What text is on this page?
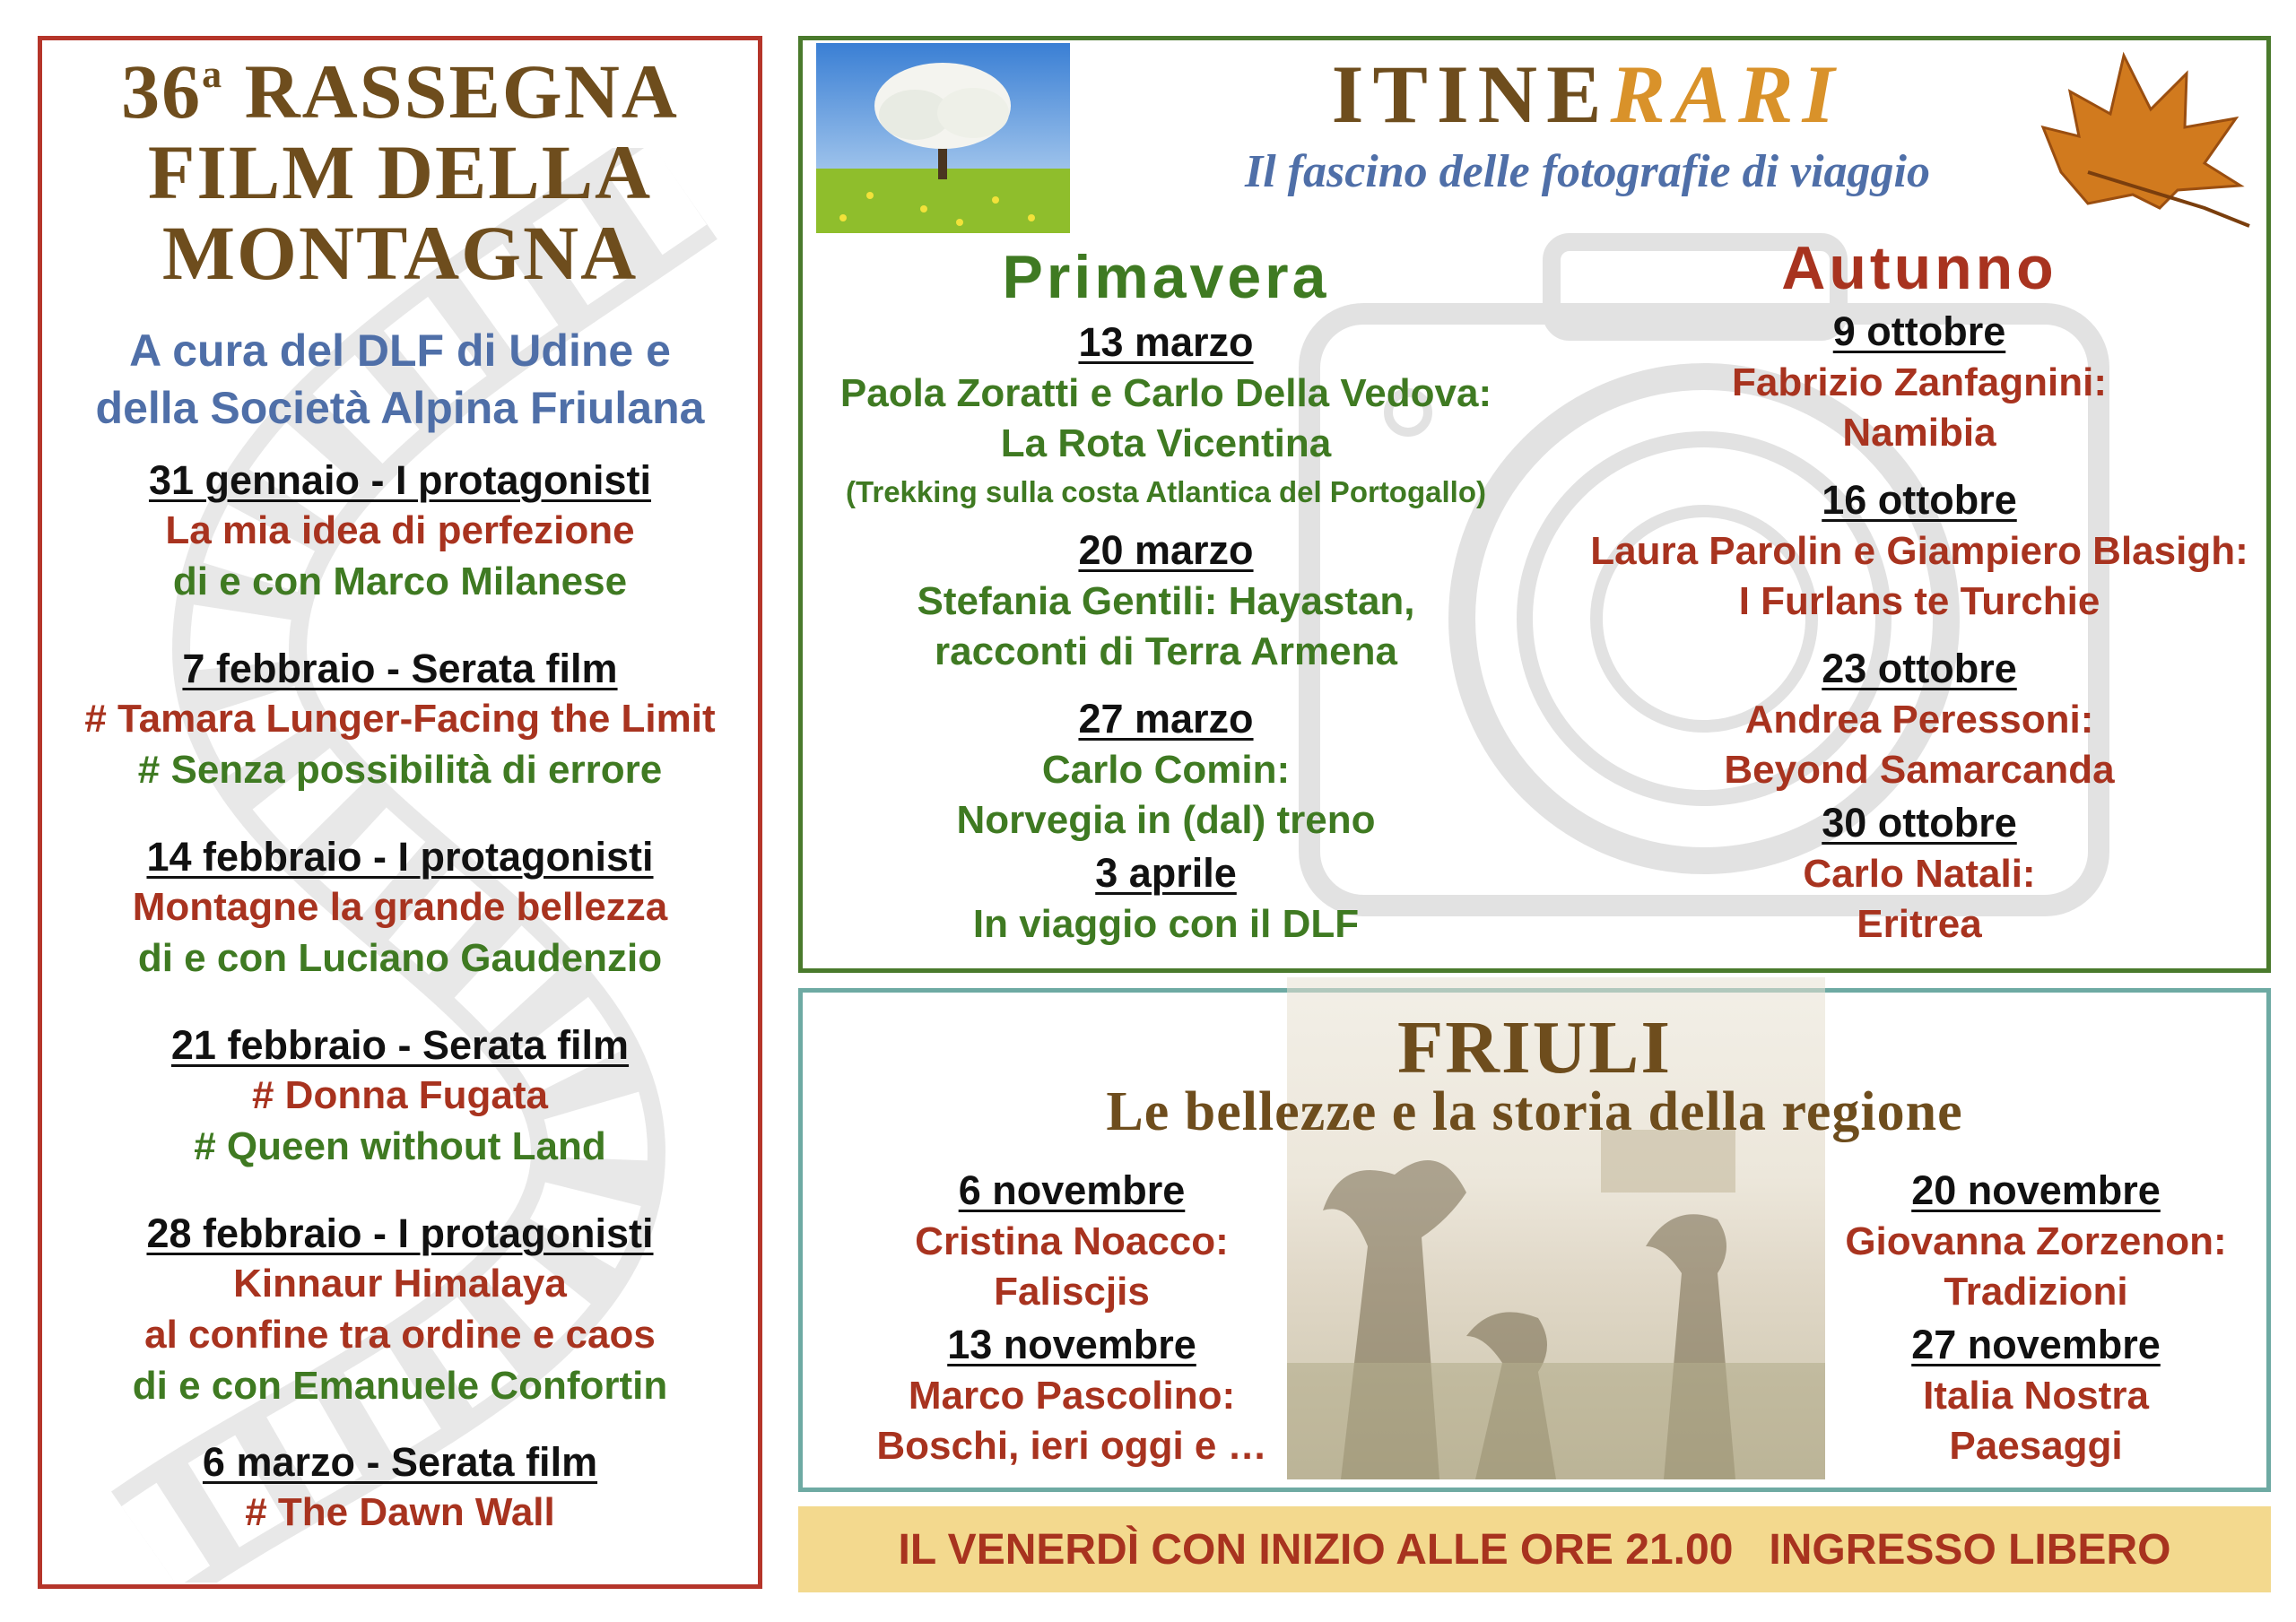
36$^a$ RASSEGNA
FILM DELLA
MONTAGNA
A cura del DLF di Udine e
della Società Alpina Friulana
31 gennaio - I protagonisti
La mia idea di perfezione
di e con Marco Milanese
7 febbraio - Serata film
# Tamara Lunger-Facing the Limit
# Senza possibilità di errore
14 febbraio - I protagonisti
Montagne la grande bellezza
di e con Luciano Gaudenzio
21 febbraio - Serata film
# Donna Fugata
# Queen without Land
28 febbraio - I protagonisti
Kinnaur Himalaya
al confine tra ordine e caos
di e con Emanuele Confortin
6 marzo - Serata film
# The Dawn Wall
ITINERARI
Il fascino delle fotografie di viaggio
Primavera
13 marzo
Paola Zoratti e Carlo Della Vedova:
La Rota Vicentina
(Trekking sulla costa Atlantica del Portogallo)
20 marzo
Stefania Gentili: Hayastan,
racconti di Terra Armena
27 marzo
Carlo Comin:
Norvegia in (dal) treno
3 aprile
In viaggio con il DLF
Autunno
9 ottobre
Fabrizio Zanfagnini:
Namibia
16 ottobre
Laura Parolin e Giampiero Blasigh:
I Furlans te Turchie
23 ottobre
Andrea Peressoni:
Beyond Samarcanda
30 ottobre
Carlo Natali:
Eritrea
FRIULI
Le bellezze e la storia della regione
6 novembre
Cristina Noacco:
Faliscjis
13 novembre
Marco Pascolino:
Boschi, ieri oggi e …
20 novembre
Giovanna Zorzenon:
Tradizioni
27 novembre
Italia Nostra
Paesaggi
IL VENERDÌ CON INIZIO ALLE ORE 21.00 INGRESSO LIBERO
